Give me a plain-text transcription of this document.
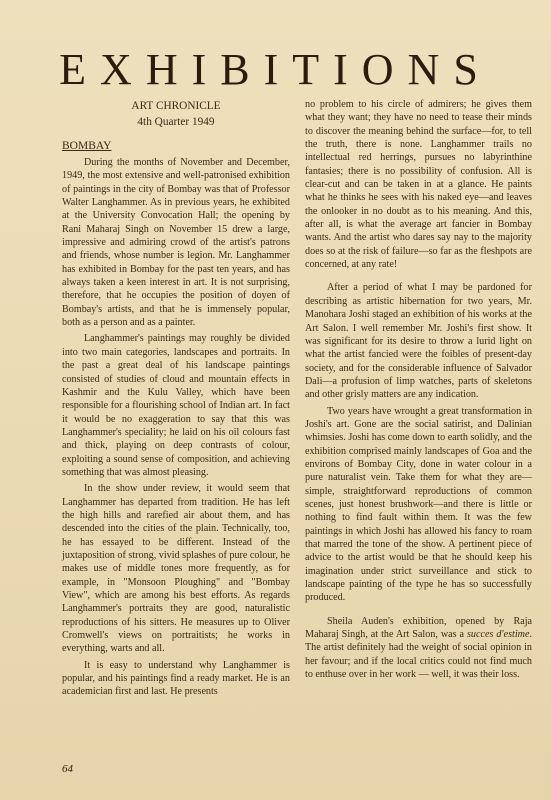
EXHIBITIONS
ART CHRONICLE
4th Quarter 1949
BOMBAY

During the months of November and December, 1949, the most extensive and well-patronised exhibition of paintings in the city of Bombay was that of Professor Walter Langhammer. As in previous years, he exhibited at the University Convocation Hall; the opening by Rani Maharaj Singh on November 15 drew a large, impressive and admiring crowd of the artist's patrons and friends, whose number is legion. Mr. Langhammer has exhibited in Bombay for the past ten years, and has always taken a keen interest in art. It is not surprising, therefore, that he occupies the position of doyen of Bombay's artists, and that he is immensely popular, both as a person and as a painter.

Langhammer's paintings may roughly be divided into two main categories, landscapes and portraits. In the past a great deal of his landscape paintings consisted of studies of cloud and mountain effects in Kashmir and the Kulu Valley, which have been responsible for a flourishing school of Indian art. In fact it would be no exaggeration to say that this was Langhammer's speciality; he laid on his oil colours fast and thick, playing on deep contrasts of colour, exploiting a sound sense of composition, and achieving something that was almost pleasing.

In the show under review, it would seem that Langhammer has departed from tradition. He has left the high hills and rarefied air about them, and has descended into the cities of the plain. Technically, too, he has essayed to be different. Instead of the juxtaposition of strong, vivid splashes of pure colour, he makes use of middle tones more frequently, as for example, in "Monsoon Ploughing" and "Bombay View", which are among his best efforts. As regards Langhammer's portraits they are good, naturalistic reproductions of his sitters. He measures up to Oliver Cromwell's views on portraitists; he works in everything, warts and all.

It is easy to understand why Langhammer is popular, and his paintings find a ready market. He is an academician first and last. He presents

no problem to his circle of admirers; he gives them what they want; they have no need to tease their minds to discover the meaning behind the surface—for, to tell the truth, there is none. Langhammer trails no intellectual red herrings, pursues no labyrinthine fantasies; there is no possibility of confusion. All is clear-cut and can be taken in at a glance. He paints what he thinks he sees with his naked eye—and leaves the onlooker in no doubt as to his meaning. And this, after all, is what the average art fancier in Bombay wants. And the artist who dares say nay to the majority does so at the risk of failure—so far as the fleshpots are concerned, at any rate!

After a period of what I may be pardoned for describing as artistic hibernation for two years, Mr. Manohara Joshi staged an exhibition of his works at the Art Salon. I well remember Mr. Joshi's first show. It was significant for its desire to throw a lurid light on what the artist fancied were the foibles of present-day society, and for the considerable influence of Salvador Dali—a profusion of limp watches, parts of skeletons and other grisly matters are any indication.

Two years have wrought a great transformation in Joshi's art. Gone are the social satirist, and Dalinian whimsies. Joshi has come down to earth solidly, and the exhibition comprised mainly landscapes of Goa and the environs of Bombay City, done in water colour in a pure naturalist vein. Take them for what they are—simple, straightforward reproductions of common scenes, just honest brushwork—and there is little or nothing to find fault within them. It was the few paintings in which Joshi has allowed his fancy to roam that marred the tone of the show. A pertinent piece of advice to the artist would be that he should keep his imagination under strict surveillance and stick to landscape painting of the type he has so successfully produced.

Sheila Auden's exhibition, opened by Raja Maharaj Singh, at the Art Salon, was a succes d'estime. The artist definitely had the weight of social opinion in her favour; and if the local critics could not find much to enthuse over in her work — well, it was their loss.

64
